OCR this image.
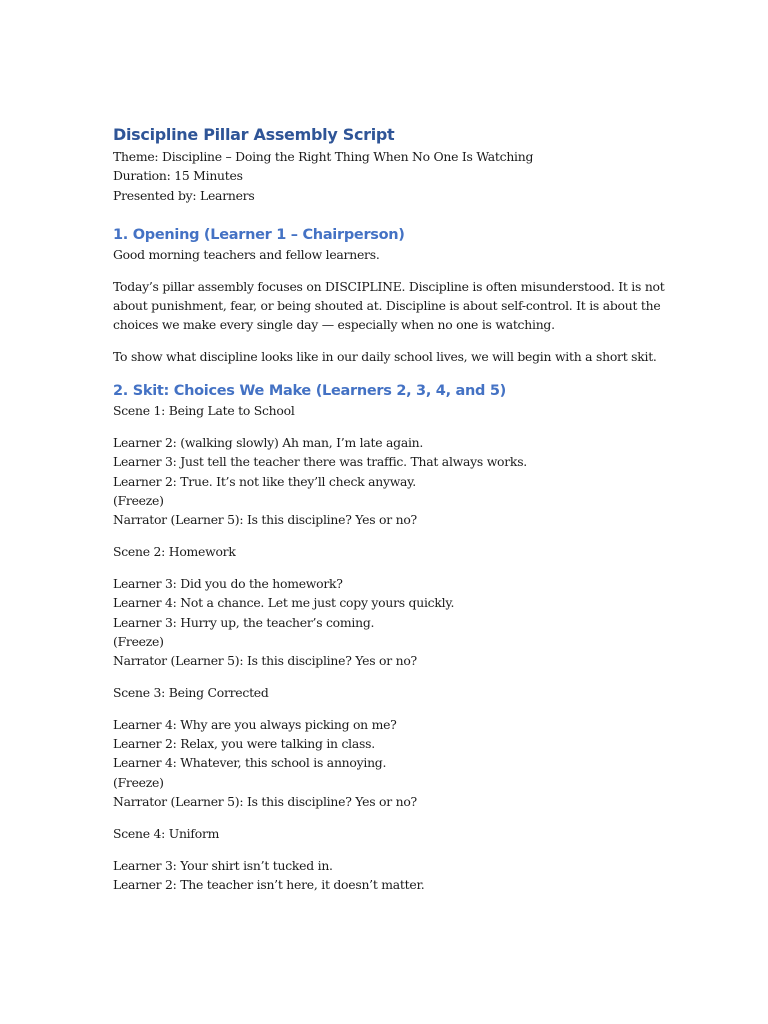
Discipline Pillar Assembly Script

Theme: Discipline – Doing the Right Thing When No One Is Watching

Duration: 15 Minutes

Presented by: Learners

1. Opening (Learner 1 – Chairperson)

Good morning teachers and fellow learners.

Today’s pillar assembly focuses on DISCIPLINE. Discipline is often misunderstood. It is not

about punishment, fear, or being shouted at. Discipline is about self-control. It is about the

choices we make every single day — especially when no one is watching.

To show what discipline looks like in our daily school lives, we will begin with a short skit.

2. Skit: Choices We Make (Learners 2, 3, 4, and 5)

Scene 1: Being Late to School

Learner 2: (walking slowly) Ah man, I’m late again.

Learner 3: Just tell the teacher there was traffic. That always works.

Learner 2: True. It’s not like they’ll check anyway.

(Freeze)

Narrator (Learner 5): Is this discipline? Yes or no?

Scene 2: Homework

Learner 3: Did you do the homework?

Learner 4: Not a chance. Let me just copy yours quickly.

Learner 3: Hurry up, the teacher’s coming.

(Freeze)

Narrator (Learner 5): Is this discipline? Yes or no?

Scene 3: Being Corrected

Learner 4: Why are you always picking on me?

Learner 2: Relax, you were talking in class.

Learner 4: Whatever, this school is annoying.

(Freeze)

Narrator (Learner 5): Is this discipline? Yes or no?

Scene 4: Uniform

Learner 3: Your shirt isn’t tucked in.

Learner 2: The teacher isn’t here, it doesn’t matter.
